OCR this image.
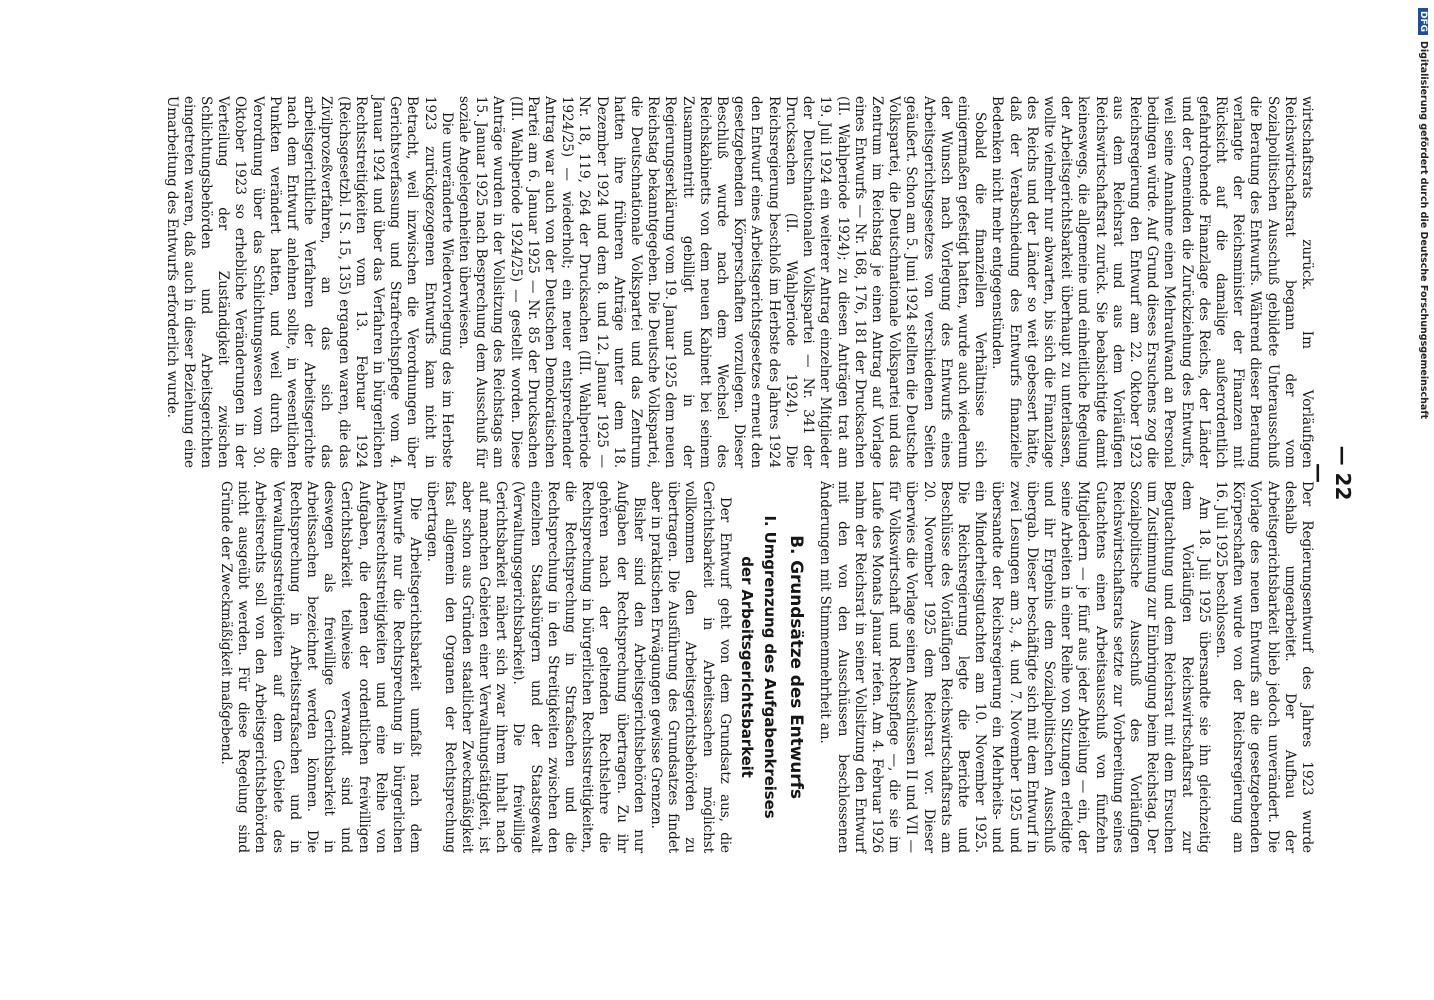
— 22 —

wirtschaftsrats zurück. Im Vorläufigen Reichswirtschaftsrat begann der vom Sozialpolitischen Ausschuß gebildete Unterausschuß die Beratung des Entwurfs. Während dieser Beratung verlangte der Reichsminister der Finanzen mit Rücksicht auf die damalige außerordentlich gefahrdrohende Finanzlage des Reichs, der Länder und der Gemeinden die Zurückziehung des Entwurfs, weil seine Annahme einen Mehraufwand an Personal bedingen würde. Auf Grund dieses Ersuchens zog die Reichsregierung den Entwurf am 22. Oktober 1923 aus dem Reichsrat und aus dem Vorläufigen Reichswirtschaftsrat zurück. Sie beabsichtigte damit keineswegs, die allgemeine und einheitliche Regelung der Arbeitsgerichtsbarkeit überhaupt zu unterlassen, wollte vielmehr nur abwarten, bis sich die Finanzlage des Reichs und der Länder so weit gebessert hätte, daß der Verabschiedung des Entwurfs finanzielle Bedenken nicht mehr entgegenstünden.

Sobald die finanziellen Verhältnisse sich einigermaßen gefestigt hatten, wurde auch wiederum der Wunsch nach Vorlegung des Entwurfs eines Arbeitsgerichtsgesetzes von verschiedenen Seiten geäußert. Schon am 5. Juni 1924 stellten die Deutsche Volkspartei, die Deutschnationale Volkspartei und das Zentrum im Reichstag je einen Antrag auf Vorlage eines Entwurfs — Nr. 168, 176, 181 der Drucksachen (II. Wahlperiode 1924); zu diesen Anträgen trat am 19. Juli 1924 ein weiterer Antrag einzelner Mitglieder der Deutschnationalen Volkspartei — Nr. 341 der Drucksachen (II. Wahlperiode 1924). Die Reichsregierung beschloß im Herbste des Jahres 1924 den Entwurf eines Arbeitsgerichtsgesetzes erneut den gesetzgebenden Körperschaften vorzulegen. Dieser Beschluß wurde nach dem Wechsel des Reichskabinetts von dem neuen Kabinett bei seinem Zusammentritt gebilligt und in der Regierungserklärung vom 19. Januar 1925 dem neuen Reichstag bekanntgegeben. Die Deutsche Volkspartei, die Deutschnationale Volkspartei und das Zentrum hatten ihre früheren Anträge unter dem 18. Dezember 1924 und dem 8. und 12. Januar 1925 — Nr. 18, 119, 264 der Drucksachen (III. Wahlperiode 1924/25) — wiederholt; ein neuer entsprechender Antrag war auch von der Deutschen Demokratischen Partei am 6. Januar 1925 — Nr. 85 der Drucksachen (III. Wahlperiode 1924/25) — gestellt worden. Diese Anträge wurden in der Vollsitzung des Reichstags am 15. Januar 1925 nach Besprechung dem Ausschuß für soziale Angelegenheiten überwiesen.

Die unveränderte Wiedervorlegung des im Herbste 1923 zurückgezogenen Entwurfs kam nicht in Betracht, weil inzwischen die Verordnungen über Gerichtsverfassung und Strafrechtspflege vom 4. Januar 1924 und über das Verfahren in bürgerlichen Rechtsstreitigkeiten vom 13. Februar 1924 (Reichsgesetzbl. I S. 15, 135) ergangen waren, die das Zivilprozeßverfahren, an das sich das arbeitsgerichtliche Verfahren der Arbeitsgerichte nach dem Entwurf anlehnen sollte, in wesentlichen Punkten verändert hatten, und weil durch die Verordnung über das Schlichtungswesen vom 30. Oktober 1923 so erhebliche Veränderungen in der Verteilung der Zuständigkeit zwischen Schlichtungsbehörden und Arbeitsgerichten eingetreten waren, daß auch in dieser Beziehung eine Umarbeitung des Entwurfs erforderlich wurde.

Der Regierungsentwurf des Jahres 1923 wurde deshalb umgearbeitet. Der Aufbau der Arbeitsgerichtsbarkeit blieb jedoch unverändert. Die Vorlage des neuen Entwurfs an die gesetzgebenden Körperschaften wurde von der Reichsregierung am 16. Juli 1925 beschlossen.

Am 18. Juli 1925 übersandte sie ihn gleichzeitig dem Vorläufigen Reichswirtschaftsrat zur Begutachtung und dem Reichsrat mit dem Ersuchen um Zustimmung zur Einbringung beim Reichstag. Der Sozialpolitische Ausschuß des Vorläufigen Reichswirtschaftsrats setzte zur Vorbereitung seines Gutachtens einen Arbeitsausschuß von fünfzehn Mitgliedern — je fünf aus jeder Abteilung — ein, der seine Arbeiten in einer Reihe von Sitzungen erledigte und ihr Ergebnis dem Sozialpolitischen Ausschuß übergab. Dieser beschäftigte sich mit dem Entwurf in zwei Lesungen am 3., 4. und 7. November 1925 und übersandte der Reichsregierung ein Mehrheits- und ein Minderheitsgutachten am 10. November 1925. Die Reichsregierung legte die Berichte und Beschlüsse des Vorläufigen Reichswirtschaftsrats am 20. November 1925 dem Reichsrat vor. Dieser überwies die Vorlage seinen Ausschüssen II und VII — für Volkswirtschaft und Rechtspflege —, die sie im Laufe des Monats Januar riefen. Am 4. Februar 1926 nahm der Reichsrat in seiner Vollsitzung den Entwurf mit den von den Ausschüssen beschlossenen Änderungen mit Stimmenmehrheit an.

B. Grundsätze des Entwurfs
I. Umgrenzung des Aufgabenkreises
der Arbeitsgerichtsbarkeit

Der Entwurf geht von dem Grundsatz aus, die Gerichtsbarkeit in Arbeitssachen möglichst vollkommen den Arbeitsgerichtsbehörden zu übertragen. Die Ausführung des Grundsatzes findet aber in praktischen Erwägungen gewisse Grenzen.

Bisher sind den Arbeitsgerichtsbehörden nur Aufgaben der Rechtsprechung übertragen. Zu ihr gehören nach der geltenden Rechtslehre die Rechtsprechung in bürgerlichen Rechtsstreitigkeiten, die Rechtsprechung in Strafsachen und die Rechtsprechung in den Streitigkeiten zwischen den einzelnen Staatsbürgern und der Staatsgewalt (Verwaltungsgerichtsbarkeit). Die freiwillige Gerichtsbarkeit nähert sich zwar ihrem Inhalt nach auf manchen Gebieten einer Verwaltungstätigkeit, ist aber schon aus Gründen staatlicher Zweckmäßigkeit fast allgemein den Organen der Rechtsprechung übertragen.

Die Arbeitsgerichtsbarkeit umfaßt nach dem Entwurfe nur die Rechtsprechung in bürgerlichen Arbeitsrechtsstreitigkeiten und eine Reihe von Aufgaben, die denen der ordentlichen freiwilligen Gerichtsbarkeit teilweise verwandt sind und deswegen als freiwillige Gerichtsbarkeit in Arbeitssachen bezeichnet werden können. Die Rechtsprechung in Arbeitsstrafsachen und in Verwaltungsstreitigkeiten auf dem Gebiete des Arbeitsrechts soll von den Arbeitsgerichtsbehörden nicht ausgeübt werden. Für diese Regelung sind Gründe der Zweckmäßigkeit maßgebend.

DFGDigitalisierung gefördert durch die Deutsche Forschungsgemeinschaft
